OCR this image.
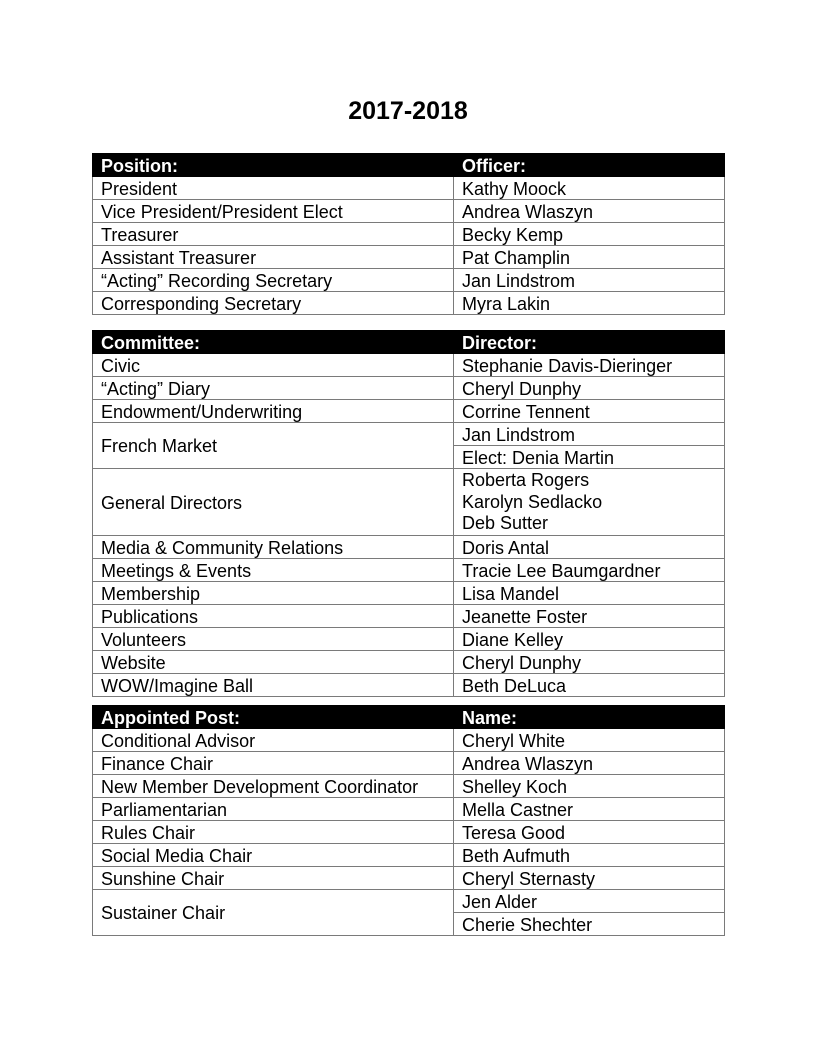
2017-2018
Position:	Officer:
President	Kathy Moock
Vice President/President Elect	Andrea Wlaszyn
Treasurer	Becky Kemp
Assistant Treasurer	Pat Champlin
“Acting” Recording Secretary	Jan Lindstrom
Corresponding Secretary	Myra Lakin
Committee:	Director:
Civic	Stephanie Davis-Dieringer
“Acting” Diary	Cheryl Dunphy
Endowment/Underwriting	Corrine Tennent
French Market	Jan Lindstrom
	Elect: Denia Martin
General Directors	Roberta Rogers
Karolyn Sedlacko
Deb Sutter

Media & Community Relations	Doris Antal
Meetings & Events	Tracie Lee Baumgardner
Membership	Lisa Mandel
Publications	Jeanette Foster
Volunteers	Diane Kelley
Website	Cheryl Dunphy
WOW/Imagine Ball	Beth DeLuca
Appointed Post:	Name:
Conditional Advisor	Cheryl White
Finance Chair	Andrea Wlaszyn
New Member Development Coordinator	Shelley Koch
Parliamentarian	Mella Castner
Rules Chair	Teresa Good
Social Media Chair	Beth Aufmuth
Sunshine Chair	Cheryl Sternasty
Sustainer Chair	Jen Alder
	Cherie Shechter
